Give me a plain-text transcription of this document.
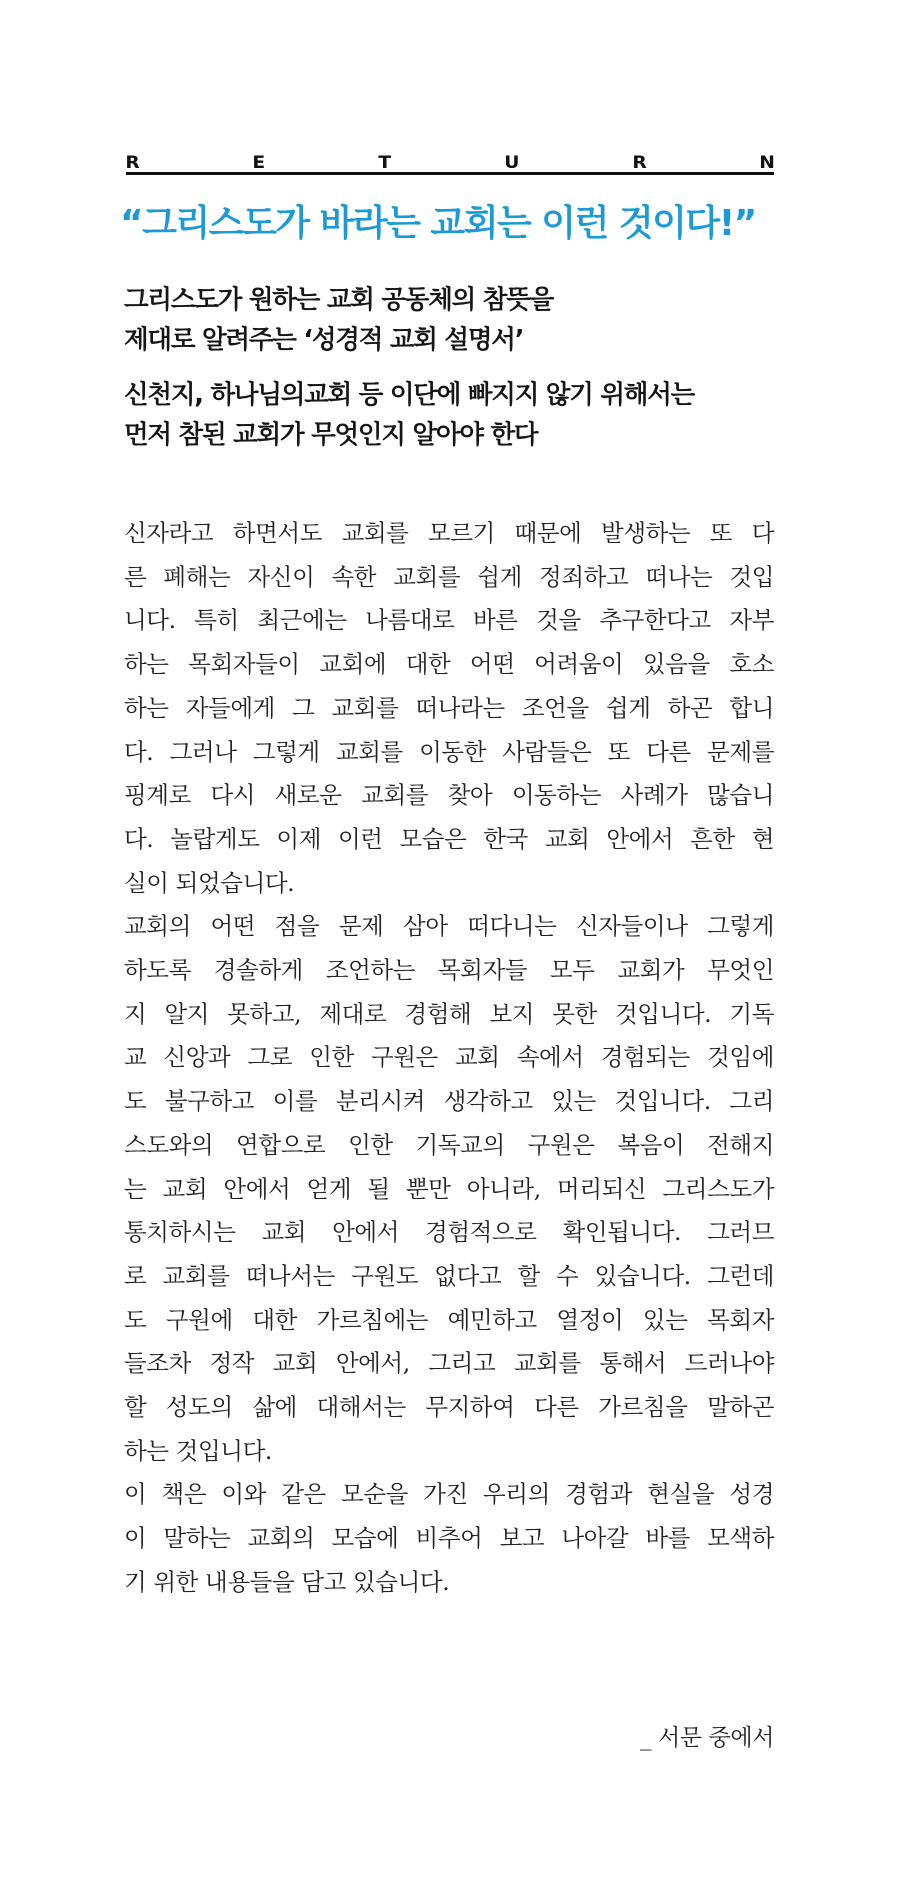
R	E	T	U	R	N
“그리스도가 바라는 교회는 이런 것이다!”
그리스도가 원하는 교회 공동체의 참뜻을
제대로 알려주는 ‘성경적 교회 설명서’
신천지, 하나님의교회 등 이단에 빠지지 않기 위해서는
먼저 참된 교회가 무엇인지 알아야 한다
신자라고 하면서도 교회를 모르기 때문에 발생하는 또 다
른 폐해는 자신이 속한 교회를 쉽게 정죄하고 떠나는 것입
니다. 특히 최근에는 나름대로 바른 것을 추구한다고 자부
하는 목회자들이 교회에 대한 어떤 어려움이 있음을 호소
하는 자들에게 그 교회를 떠나라는 조언을 쉽게 하곤 합니
다. 그러나 그렇게 교회를 이동한 사람들은 또 다른 문제를
핑계로 다시 새로운 교회를 찾아 이동하는 사례가 많습니
다. 놀랍게도 이제 이런 모습은 한국 교회 안에서 흔한 현
실이 되었습니다.
교회의 어떤 점을 문제 삼아 떠다니는 신자들이나 그렇게
하도록 경솔하게 조언하는 목회자들 모두 교회가 무엇인
지 알지 못하고, 제대로 경험해 보지 못한 것입니다. 기독
교 신앙과 그로 인한 구원은 교회 속에서 경험되는 것임에
도 불구하고 이를 분리시켜 생각하고 있는 것입니다. 그리
스도와의 연합으로 인한 기독교의 구원은 복음이 전해지
는 교회 안에서 얻게 될 뿐만 아니라, 머리되신 그리스도가
통치하시는 교회 안에서 경험적으로 확인됩니다. 그러므
로 교회를 떠나서는 구원도 없다고 할 수 있습니다. 그런데
도 구원에 대한 가르침에는 예민하고 열정이 있는 목회자
들조차 정작 교회 안에서, 그리고 교회를 통해서 드러나야
할 성도의 삶에 대해서는 무지하여 다른 가르침을 말하곤
하는 것입니다.
이 책은 이와 같은 모순을 가진 우리의 경험과 현실을 성경
이 말하는 교회의 모습에 비추어 보고 나아갈 바를 모색하
기 위한 내용들을 담고 있습니다.
_ 서문 중에서
